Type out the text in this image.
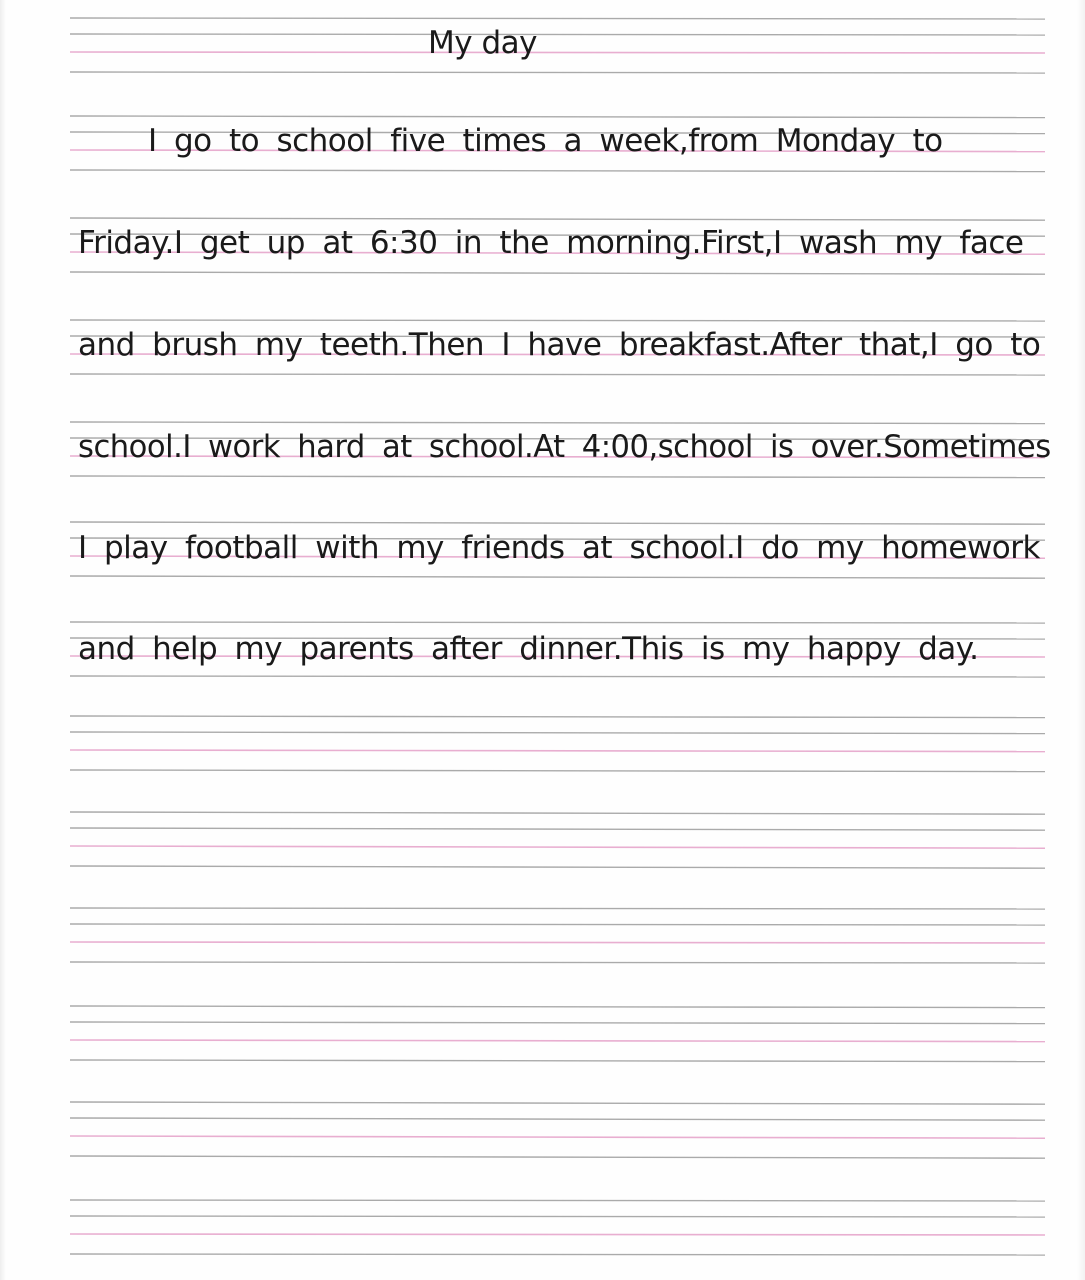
My day
I go to school five times a week,from Monday to
Friday.I get up at 6:30 in the morning.First,I wash my face
and brush my teeth.Then I have breakfast.After that,I go to
school.I work hard at school.At 4:00,school is over.Sometimes
I play football with my friends at school.I do my homework
and help my parents after dinner.This is my happy day.
